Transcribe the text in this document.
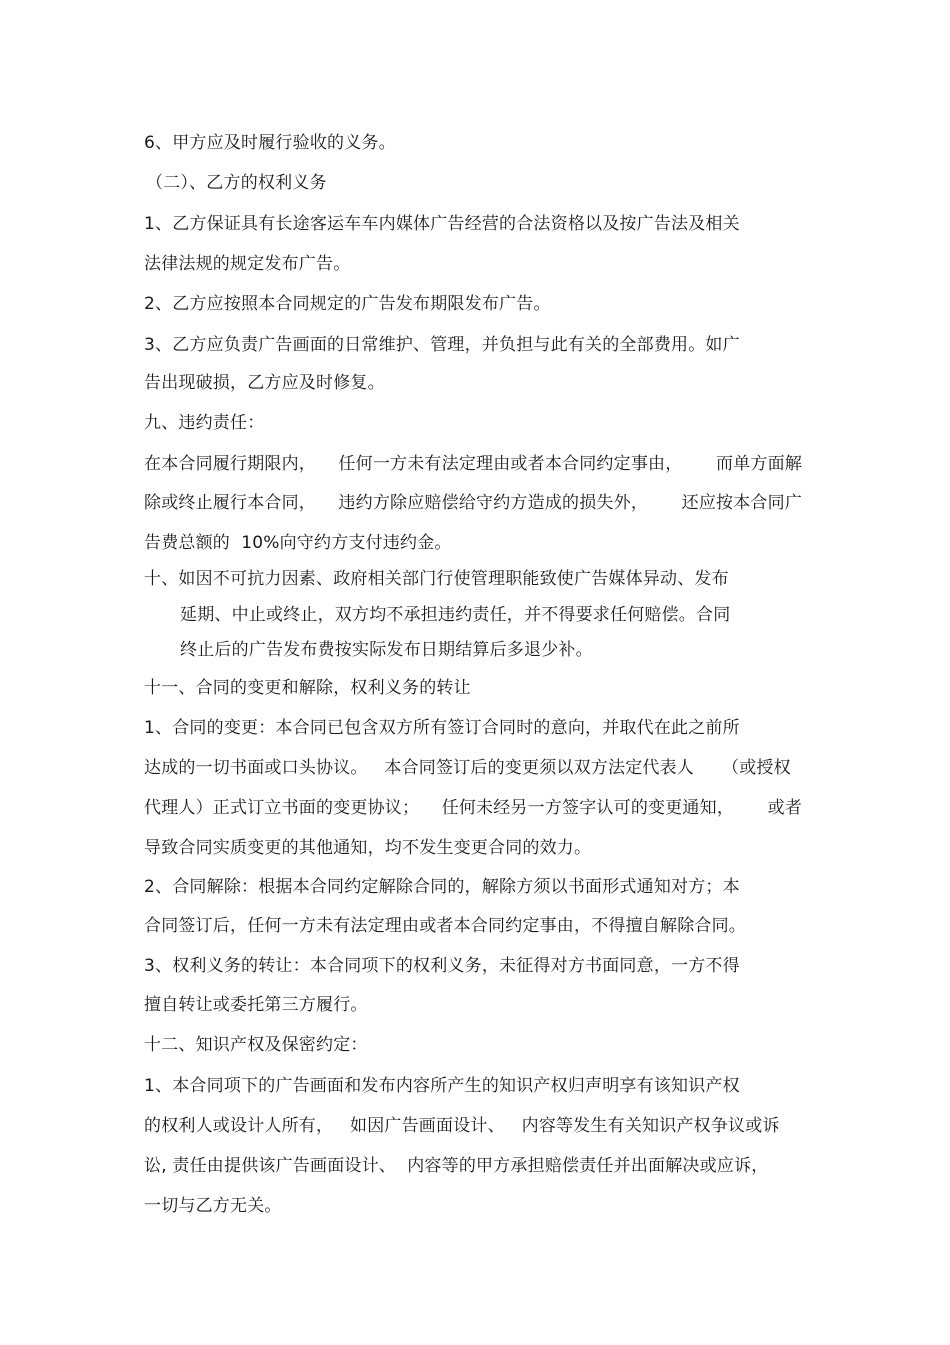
6、甲方应及时履行验收的义务。
（二）、乙方的权利义务
1、乙方保证具有长途客运车车内媒体广告经营的合法资格以及按广告法及相关
法律法规的规定发布广告。
2、乙方应按照本合同规定的广告发布期限发布广告。
3、乙方应负责广告画面的日常维护、管理，并负担与此有关的全部费用。如广
告出现破损，乙方应及时修复。
九、违约责任：
在本合同履行期限内，    任何一方未有法定理由或者本合同约定事由，      而单方面解
除或终止履行本合同，    违约方除应赔偿给守约方造成的损失外，      还应按本合同广
告费总额的  10%向守约方支付违约金。
十、如因不可抗力因素、政府相关部门行使管理职能致使广告媒体异动、发布
延期、中止或终止，双方均不承担违约责任，并不得要求任何赔偿。合同
终止后的广告发布费按实际发布日期结算后多退少补。
十一、合同的变更和解除，权利义务的转让
1、合同的变更：本合同已包含双方所有签订合同时的意向，并取代在此之前所
达成的一切书面或口头协议。   本合同签订后的变更须以双方法定代表人     （或授权
代理人）正式订立书面的变更协议；    任何未经另一方签字认可的变更通知，      或者
导致合同实质变更的其他通知，均不发生变更合同的效力。
2、合同解除：根据本合同约定解除合同的，解除方须以书面形式通知对方；本
合同签订后，任何一方未有法定理由或者本合同约定事由，不得擅自解除合同。
3、权利义务的转让：本合同项下的权利义务，未征得对方书面同意，一方不得
擅自转让或委托第三方履行。
十二、知识产权及保密约定：
1、本合同项下的广告画面和发布内容所产生的知识产权归声明享有该知识产权
的权利人或设计人所有，   如因广告画面设计、   内容等发生有关知识产权争议或诉
讼, 责任由提供该广告画面设计、  内容等的甲方承担赔偿责任并出面解决或应诉，
一切与乙方无关。
